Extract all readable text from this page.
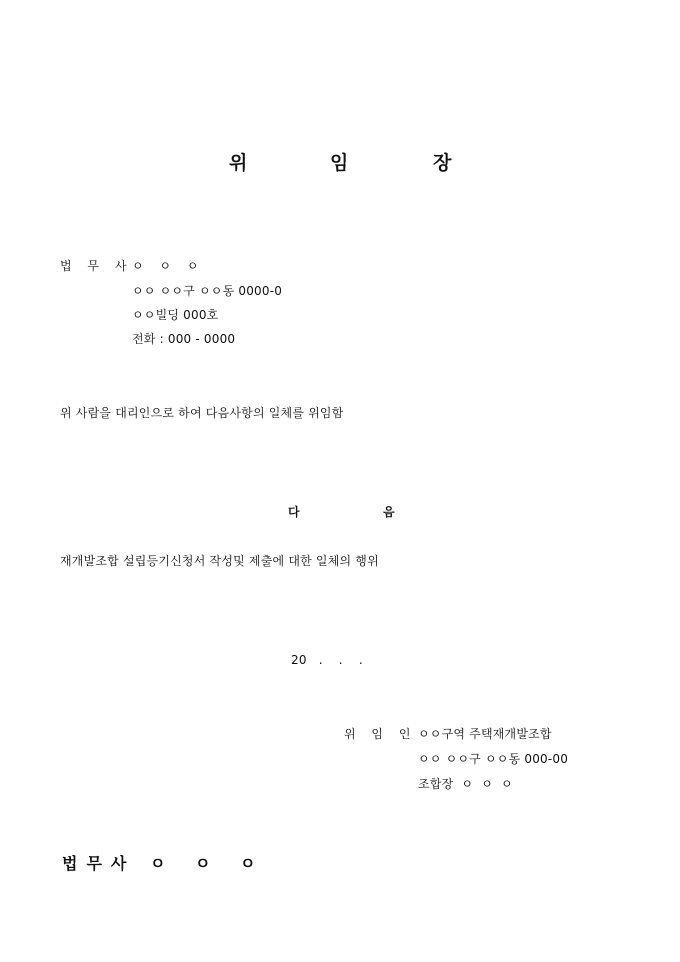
위	임	장
법 무 사 ㅇ ㅇ ㅇ
ㅇㅇ ㅇㅇ구 ㅇㅇ동 0000-0
ㅇㅇ빌딩 000호
전화 : 000 - 0000
위 사람을 대리인으로 하여 다음사항의 일체를 위임함
다	음
재개발조합 설립등기신청서 작성및 제출에 대한 일체의 행위
20   .    .    .
위 임 인 ㅇㅇ구역 주택재개발조합
ㅇㅇ ㅇㅇ구 ㅇㅇ동 000-00
조합장  ㅇ  ㅇ  ㅇ
법무사 ㅇ ㅇ ㅇ
